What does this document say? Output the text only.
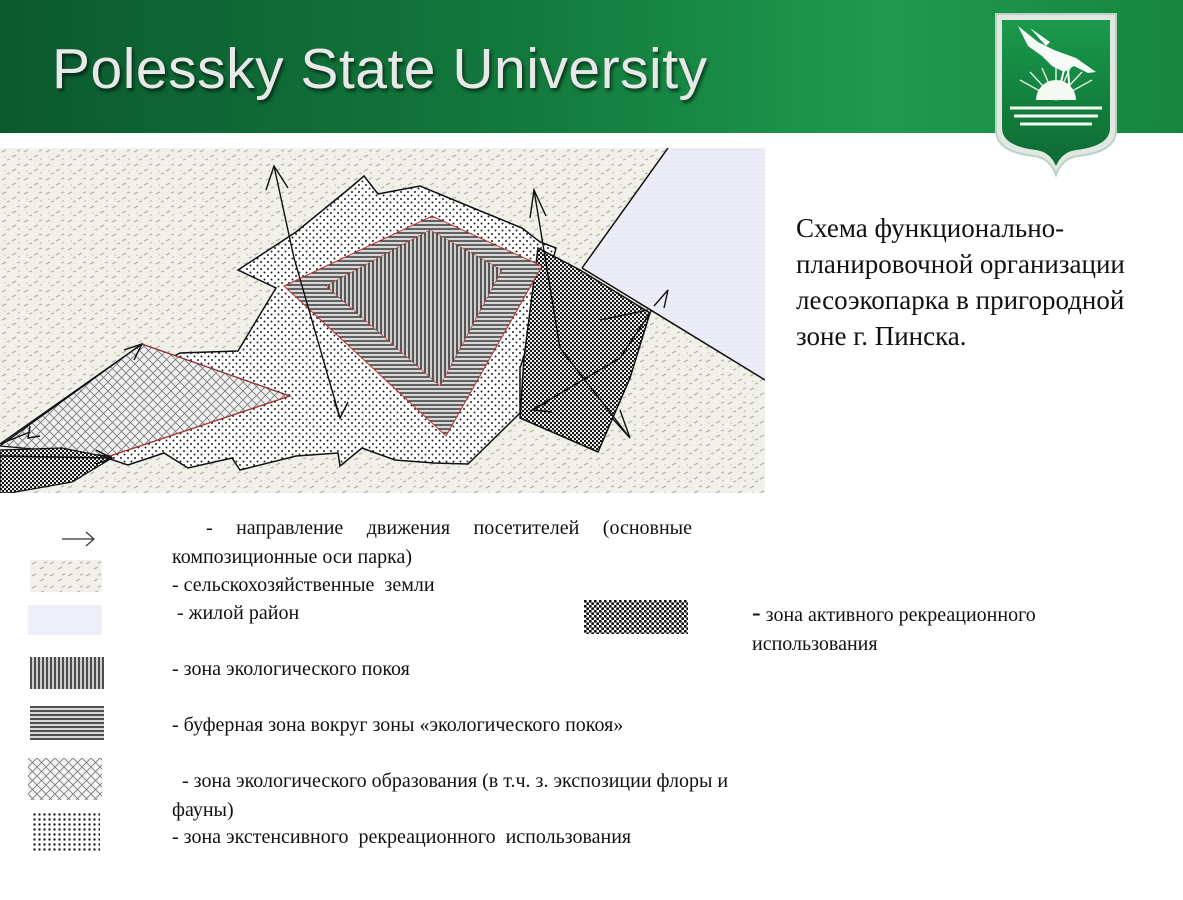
Polessky State University
Схема функционально-планировочной организации лесоэкопарка в пригородной зоне г. Пинска.
- направление движения посетителей (основные композиционные оси парка)
- сельскохозяйственные  земли
- жилой район	- зона активного рекреационного использования
- зона экологического покоя
- буферная зона вокруг зоны «экологического покоя»
- зона экологического образования (в т.ч. з. экспозиции флоры и фауны)
- зона экстенсивного  рекреационного  использования
